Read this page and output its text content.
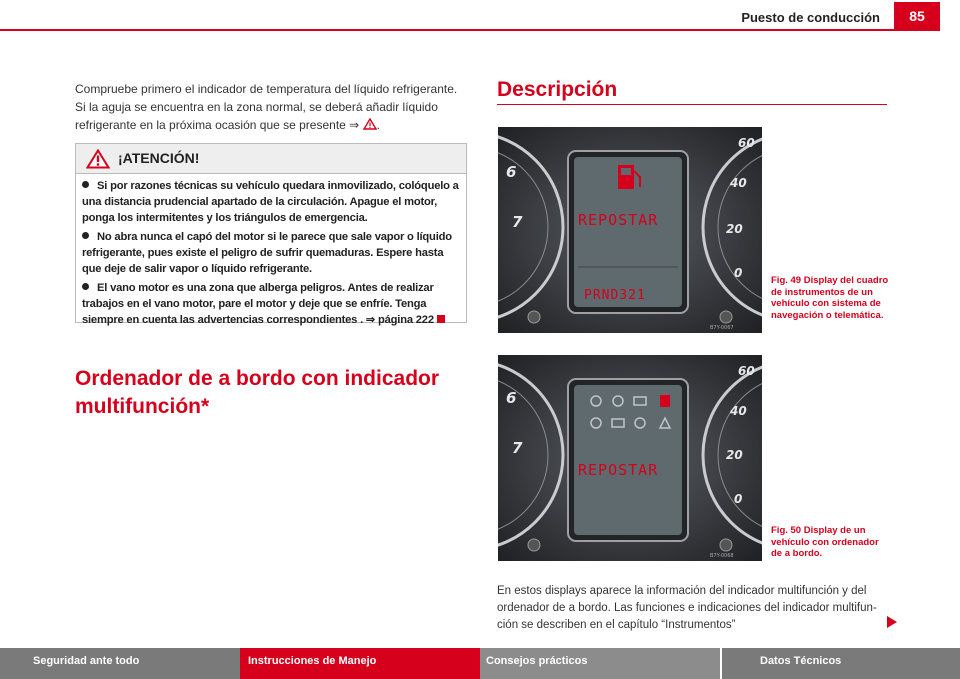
Puesto de conducción	85

Compruebe primero el indicador de temperatura del líquido refrigerante. Si la aguja se encuentra en la zona normal, se deberá añadir líquido refrigerante en la próxima ocasión que se presente ⇒ .

¡ATENCIÓN!

Si por razones técnicas su vehículo quedara inmovilizado, colóquelo a una distancia prudencial apartado de la circulación. Apague el motor, ponga los intermitentes y los triángulos de emergencia.

No abra nunca el capó del motor si le parece que sale vapor o líquido refrigerante, pues existe el peligro de sufrir quemaduras. Espere hasta que deje de salir vapor o líquido refrigerante.

El vano motor es una zona que alberga peligros. Antes de realizar trabajos en el vano motor, pare el motor y deje que se enfríe. Tenga siempre en cuenta las advertencias correspondientes . ⇒ página 222

Ordenador de a bordo con indicador multifunción*
Descripción
6
7
40
20
60
0
REPOSTAR
PRND321
B7Y-0067
Fig. 49 Display del cuadro de instrumentos de un vehículo con sistema de navegación o telemática.
6
7
40
20
60
0
REPOSTAR
B7Y-0068
Fig. 50 Display de un vehículo con ordenador de a bordo.

En estos displays aparece la información del indicador multifunción y del ordenador de a bordo. Las funciones e indicaciones del indicador multifun-ción se describen en el capítulo “Instrumentos”

Seguridad ante todo	Instrucciones de Manejo	Consejos prácticos	Datos Técnicos
